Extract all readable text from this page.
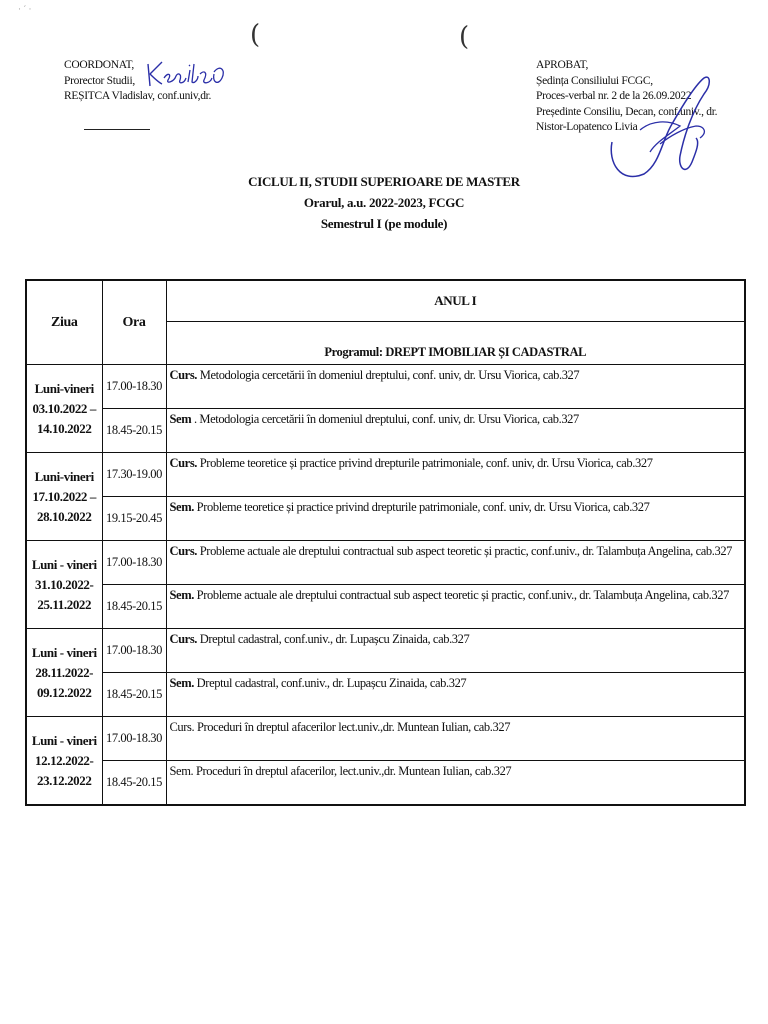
· ´ ·
(	(
COORDONAT,
Prorector Studii,
REȘITCA Vladislav, conf.univ,dr.
APROBAT,
Ședința Consiliului FCGC,
Proces-verbal nr. 2 de la 26.09.2022
Președinte Consiliu, Decan, conf.univ., dr.
Nistor-Lopatenco Livia
CICLUL II, STUDII SUPERIOARE DE MASTER
Orarul, a.u. 2022-2023, FCGC
Semestrul I (pe module)
Ziua	Ora	ANUL I
		Programul: DREPT IMOBILIAR ȘI CADASTRAL

Luni-vineri
03.10.2022 –
14.10.2022	17.00-18.30	Curs. Metodologia cercetării în domeniul dreptului, conf. univ, dr. Ursu Viorica, cab.327
	18.45-20.15	Sem . Metodologia cercetării în domeniul dreptului, conf. univ, dr. Ursu Viorica, cab.327

Luni-vineri
17.10.2022 –
28.10.2022	17.30-19.00	Curs. Probleme teoretice și practice privind drepturile patrimoniale, conf. univ, dr. Ursu Viorica, cab.327
	19.15-20.45	Sem. Probleme teoretice și practice privind drepturile patrimoniale, conf. univ, dr. Ursu Viorica, cab.327

Luni - vineri
31.10.2022-
25.11.2022	17.00-18.30	Curs. Probleme actuale ale dreptului contractual sub aspect teoretic și practic, conf.univ., dr. Talambuța Angelina, cab.327
	18.45-20.15	Sem. Probleme actuale ale dreptului contractual sub aspect teoretic și practic, conf.univ., dr. Talambuța Angelina, cab.327

Luni - vineri
28.11.2022-
09.12.2022	17.00-18.30	Curs. Dreptul cadastral, conf.univ., dr. Lupașcu Zinaida, cab.327
	18.45-20.15	Sem. Dreptul cadastral, conf.univ., dr. Lupașcu Zinaida, cab.327

Luni - vineri
12.12.2022-
23.12.2022	17.00-18.30	Curs. Proceduri în dreptul afacerilor lect.univ.,dr. Muntean Iulian, cab.327
	18.45-20.15	Sem. Proceduri în dreptul afacerilor, lect.univ.,dr. Muntean Iulian, cab.327
